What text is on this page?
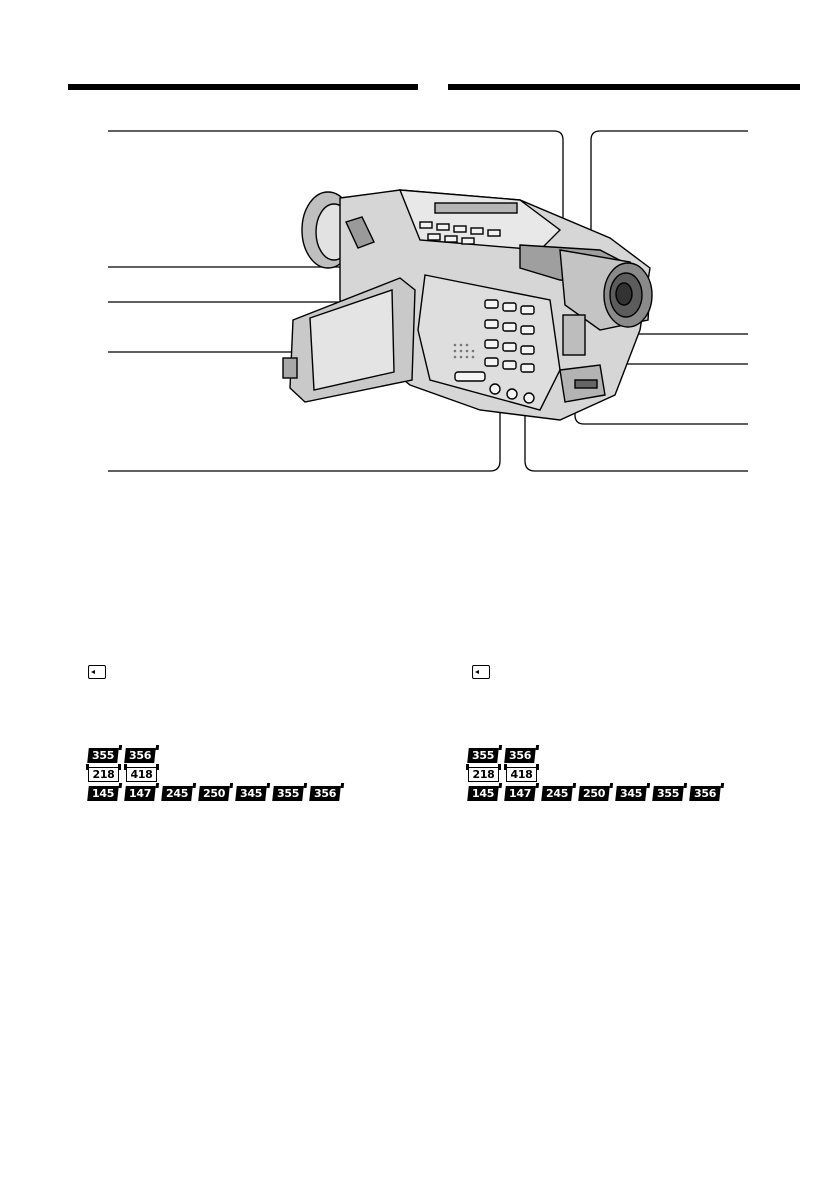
355 356
218 418
145 147 245 250 345 355 356
355 356
218 418
145 147 245 250 345 355 356
